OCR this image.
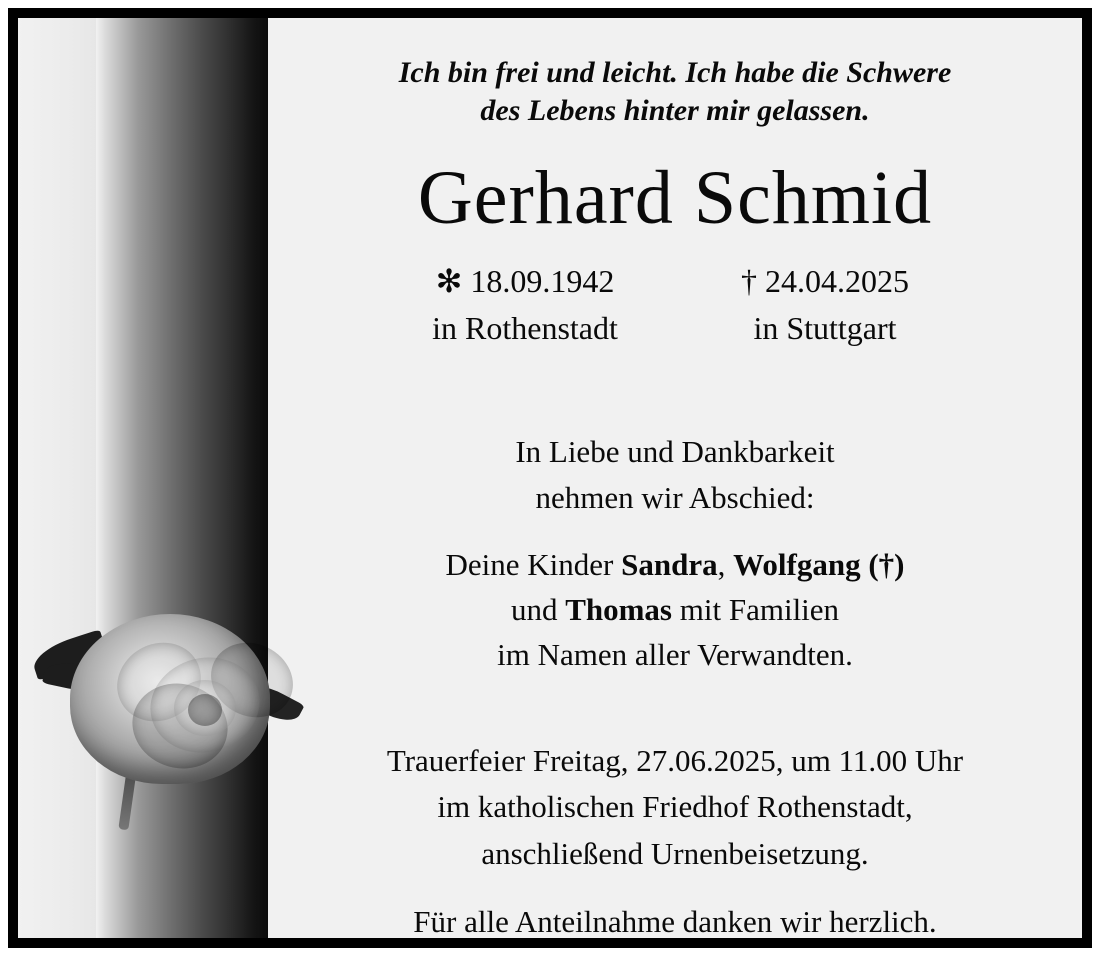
Ich bin frei und leicht. Ich habe die Schwere
des Lebens hinter mir gelassen.
Gerhard Schmid
✻ 18.09.1942
in Rothenstadt
† 24.04.2025
in Stuttgart
In Liebe und Dankbarkeit
nehmen wir Abschied:
Deine Kinder Sandra, Wolfgang (†)
und Thomas mit Familien
im Namen aller Verwandten.
Trauerfeier Freitag, 27.06.2025, um 11.00 Uhr
im katholischen Friedhof Rothenstadt,
anschließend Urnenbeisetzung.
Für alle Anteilnahme danken wir herzlich.
